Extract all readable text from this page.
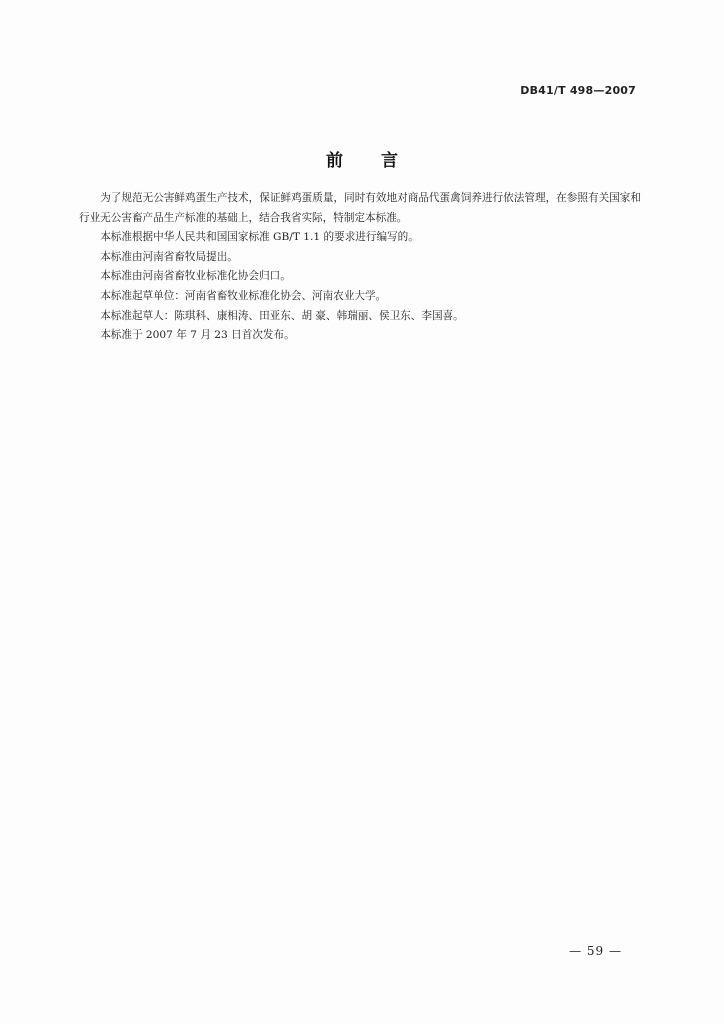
DB41/T 498—2007
前 言

为了规范无公害鲜鸡蛋生产技术，保证鲜鸡蛋质量，同时有效地对商品代蛋禽饲养进行依法管理，在参照有关国家和行业无公害畜产品生产标准的基础上，结合我省实际，特制定本标准。

本标准根据中华人民共和国国家标准 GB/T 1.1 的要求进行编写的。

本标准由河南省畜牧局提出。

本标准由河南省畜牧业标准化协会归口。

本标准起草单位：河南省畜牧业标准化协会、河南农业大学。

本标准起草人：陈琪科、康相涛、田亚东、胡 豪、韩瑞丽、侯卫东、李国喜。

本标准于 2007 年 7 月 23 日首次发布。

— 59 —
